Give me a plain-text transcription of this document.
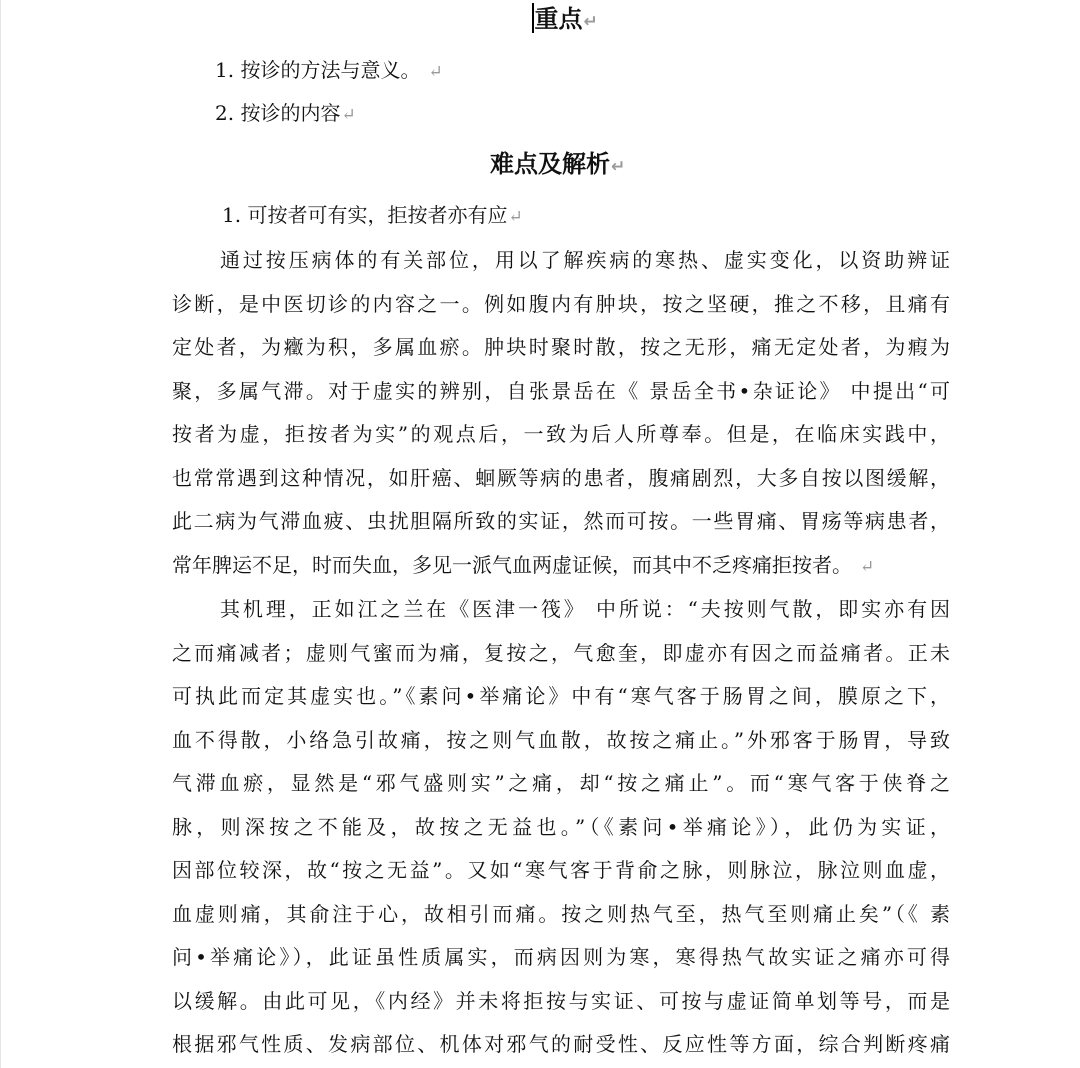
重点↵
1. 按诊的方法与意义。 ↵
2. 按诊的内容↵
难点及解析↵
1. 可按者可有实，拒按者亦有应↵
通过按压病体的有关部位，用以了解疾病的寒热、虚实变化，以资助辨证
诊断，是中医切诊的内容之一。例如腹内有肿块，按之坚硬，推之不移，且痛有
定处者，为癥为积，多属血瘀。肿块时聚时散，按之无形，痛无定处者，为瘕为
聚，多属气滞。对于虚实的辨别，自张景岳在《 景岳全书•杂证论》 中提出“可
按者为虚，拒按者为实”的观点后，一致为后人所尊奉。但是，在临床实践中，
也常常遇到这种情况，如肝癌、蛔厥等病的患者，腹痛剧烈，大多自按以图缓解，
此二病为气滞血疲、虫扰胆隔所致的实证，然而可按。一些胃痛、胃疡等病患者，
常年脾运不足，时而失血，多见一派气血两虚证候，而其中不乏疼痛拒按者。 ↵
其机理，正如江之兰在《医津一筏》 中所说：“夫按则气散，即实亦有因
之而痛减者；虚则气蜜而为痛，复按之，气愈奎，即虚亦有因之而益痛者。正未
可执此而定其虚实也。”《素问•举痛论》中有“寒气客于肠胃之间，膜原之下，
血不得散，小络急引故痛，按之则气血散，故按之痛止。”外邪客于肠胃，导致
气滞血瘀，显然是“邪气盛则实”之痛，却“按之痛止”。而“寒气客于侠脊之
脉，则深按之不能及，故按之无益也。”（《素问•举痛论》），此仍为实证，
因部位较深，故“按之无益”。又如“寒气客于背俞之脉，则脉泣，脉泣则血虚，
血虚则痛，其俞注于心，故相引而痛。按之则热气至，热气至则痛止矣”（《 素
问•举痛论》），此证虽性质属实，而病因则为寒，寒得热气故实证之痛亦可得
以缓解。由此可见，《内经》并未将拒按与实证、可按与虚证简单划等号，而是
根据邪气性质、发病部位、机体对邪气的耐受性、反应性等方面，综合判断疼痛
